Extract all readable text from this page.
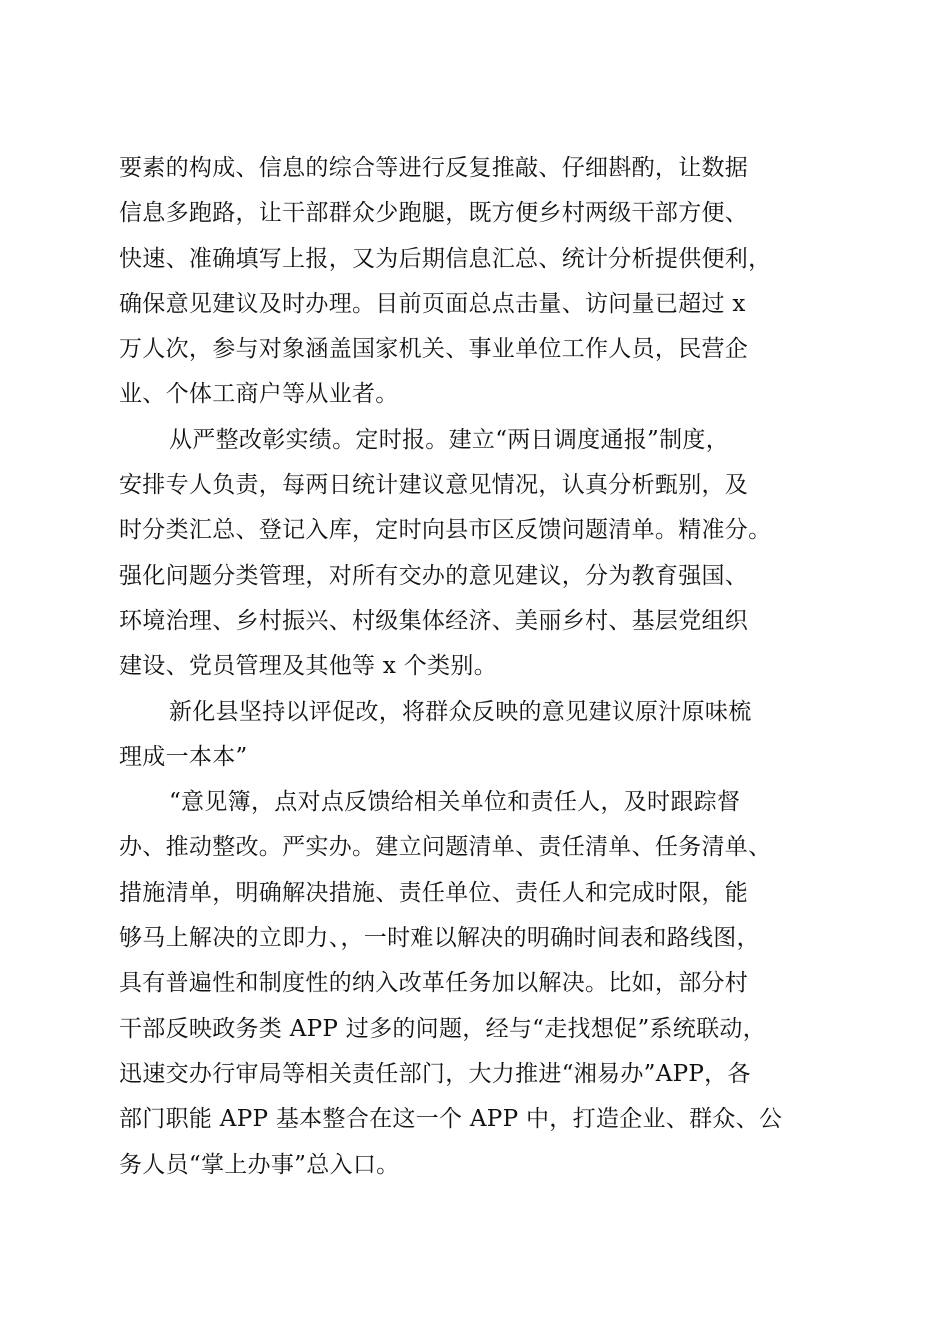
要素的构成、信息的综合等进行反复推敲、仔细斟酌，让数据
信息多跑路，让干部群众少跑腿，既方便乡村两级干部方便、
快速、准确填写上报，又为后期信息汇总、统计分析提供便利，
确保意见建议及时办理。目前页面总点击量、访问量已超过 x
万人次，参与对象涵盖国家机关、事业单位工作人员，民营企
业、个体工商户等从业者。
从严整改彰实绩。定时报。建立“两日调度通报”制度，
安排专人负责，每两日统计建议意见情况，认真分析甄别，及
时分类汇总、登记入库，定时向县市区反馈问题清单。精准分。
强化问题分类管理，对所有交办的意见建议，分为教育强国、
环境治理、乡村振兴、村级集体经济、美丽乡村、基层党组织
建设、党员管理及其他等 x 个类别。
新化县坚持以评促改，将群众反映的意见建议原汁原味梳
理成一本本”
“意见簿，点对点反馈给相关单位和责任人，及时跟踪督
办、推动整改。严实办。建立问题清单、责任清单、任务清单、
措施清单，明确解决措施、责任单位、责任人和完成时限，能
够马上解决的立即力、，一时难以解决的明确时间表和路线图，
具有普遍性和制度性的纳入改革任务加以解决。比如，部分村
干部反映政务类 APP 过多的问题，经与“走找想促”系统联动，
迅速交办行审局等相关责任部门，大力推进“湘易办”APP，各
部门职能 APP 基本整合在这一个 APP 中，打造企业、群众、公
务人员“掌上办事”总入口。
